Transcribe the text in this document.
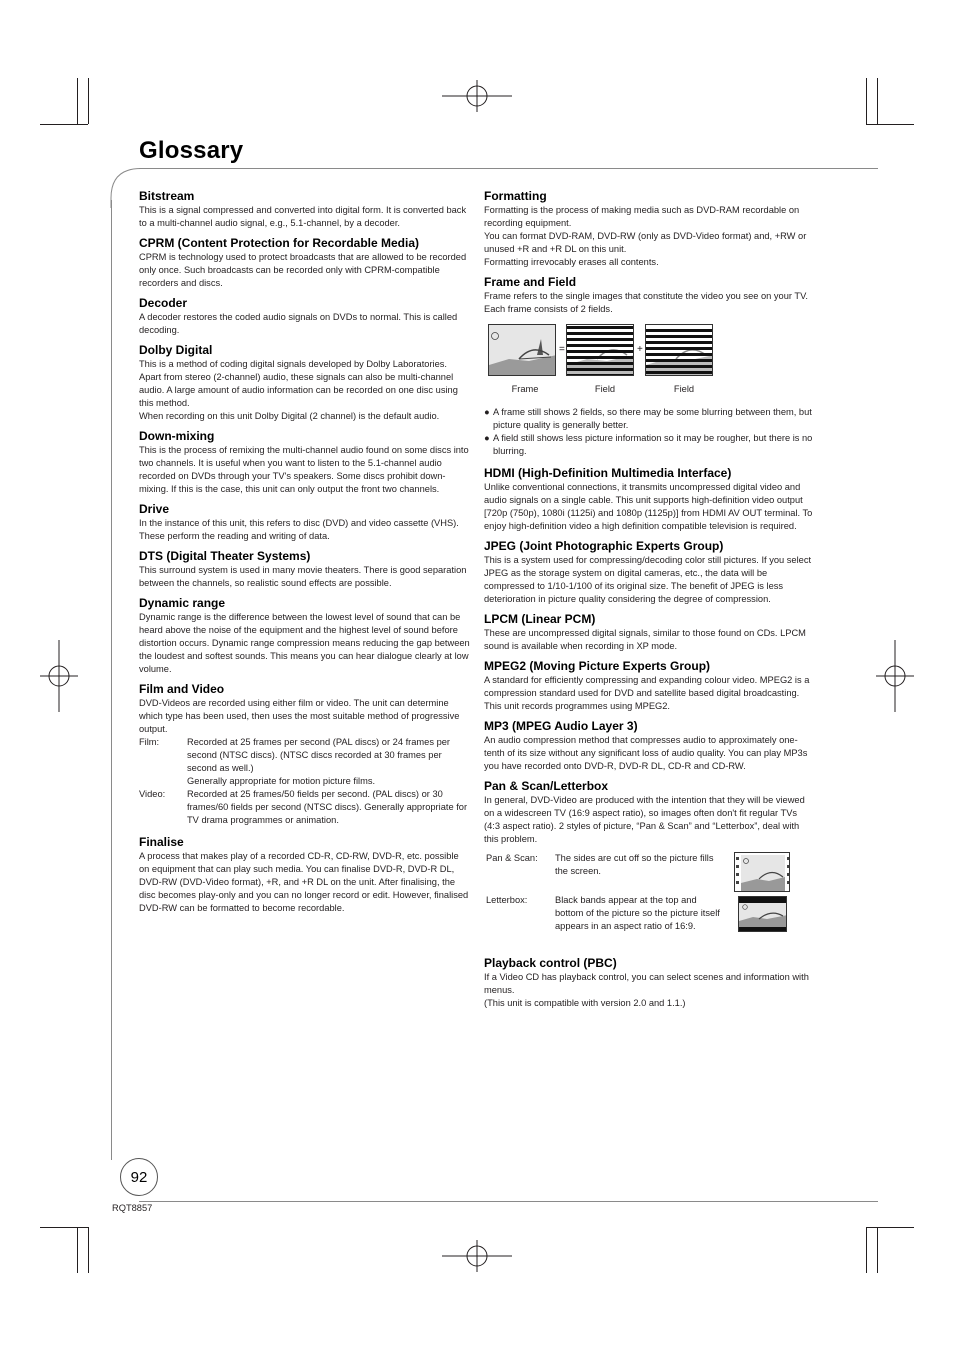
Glossary
Bitstream

This is a signal compressed and converted into digital form. It is converted back to a multi-channel audio signal, e.g., 5.1-channel, by a decoder.

CPRM (Content Protection for Recordable Media)

CPRM is technology used to protect broadcasts that are allowed to be recorded only once. Such broadcasts can be recorded only with CPRM-compatible recorders and discs.

Decoder

A decoder restores the coded audio signals on DVDs to normal. This is called decoding.

Dolby Digital

This is a method of coding digital signals developed by Dolby Laboratories. Apart from stereo (2-channel) audio, these signals can also be multi-channel audio. A large amount of audio information can be recorded on one disc using this method.

When recording on this unit Dolby Digital (2 channel) is the default audio.

Down-mixing

This is the process of remixing the multi-channel audio found on some discs into two channels. It is useful when you want to listen to the 5.1-channel audio recorded on DVDs through your TV's speakers. Some discs prohibit down-mixing. If this is the case, this unit can only output the front two channels.

Drive

In the instance of this unit, this refers to disc (DVD) and video cassette (VHS). These perform the reading and writing of data.

DTS (Digital Theater Systems)

This surround system is used in many movie theaters. There is good separation between the channels, so realistic sound effects are possible.

Dynamic range

Dynamic range is the difference between the lowest level of sound that can be heard above the noise of the equipment and the highest level of sound before distortion occurs. Dynamic range compression means reducing the gap between the loudest and softest sounds. This means you can hear dialogue clearly at low volume.

Film and Video

DVD-Videos are recorded using either film or video. The unit can determine which type has been used, then uses the most suitable method of progressive output.

Film:	Recorded at 25 frames per second (PAL discs) or 24 frames per second (NTSC discs). (NTSC discs recorded at 30 frames per second as well.)
Generally appropriate for motion picture films.
Video:	Recorded at 25 frames/50 fields per second. (PAL discs) or 30 frames/60 fields per second (NTSC discs). Generally appropriate for TV drama programmes or animation.
Finalise

A process that makes play of a recorded CD-R, CD-RW, DVD-R, etc. possible on equipment that can play such media. You can finalise DVD-R, DVD-R DL, DVD-RW (DVD-Video format), +R, and +R DL on the unit. After finalising, the disc becomes play-only and you can no longer record or edit. However, finalised DVD-RW can be formatted to become recordable.

Formatting

Formatting is the process of making media such as DVD-RAM recordable on recording equipment.

You can format DVD-RAM, DVD-RW (only as DVD-Video format) and, +RW or unused +R and +R DL on this unit.

Formatting irrevocably erases all contents.

Frame and Field

Frame refers to the single images that constitute the video you see on your TV. Each frame consists of 2 fields.

=	+
Frame	Field	Field
● A frame still shows 2 fields, so there may be some blurring between them, but picture quality is generally better.
● A field still shows less picture information so it may be rougher, but there is no blurring.
HDMI (High-Definition Multimedia Interface)

Unlike conventional connections, it transmits uncompressed digital video and audio signals on a single cable. This unit supports high-definition video output [720p (750p), 1080i (1125i) and 1080p (1125p)] from HDMI AV OUT terminal. To enjoy high-definition video a high definition compatible television is required.

JPEG (Joint Photographic Experts Group)

This is a system used for compressing/decoding color still pictures. If you select JPEG as the storage system on digital cameras, etc., the data will be compressed to 1/10-1/100 of its original size. The benefit of JPEG is less deterioration in picture quality considering the degree of compression.

LPCM (Linear PCM)

These are uncompressed digital signals, similar to those found on CDs. LPCM sound is available when recording in XP mode.

MPEG2 (Moving Picture Experts Group)

A standard for efficiently compressing and expanding colour video. MPEG2 is a compression standard used for DVD and satellite based digital broadcasting. This unit records programmes using MPEG2.

MP3 (MPEG Audio Layer 3)

An audio compression method that compresses audio to approximately one-tenth of its size without any significant loss of audio quality. You can play MP3s you have recorded onto DVD-R, DVD-R DL, CD-R and CD-RW.

Pan & Scan/Letterbox

In general, DVD-Video are produced with the intention that they will be viewed on a widescreen TV (16:9 aspect ratio), so images often don't fit regular TVs (4:3 aspect ratio). 2 styles of picture, “Pan & Scan” and “Letterbox”, deal with this problem.

Pan & Scan:	The sides are cut off so the picture fills the screen.
Letterbox:	Black bands appear at the top and bottom of the picture so the picture itself appears in an aspect ratio of 16:9.
Playback control (PBC)

If a Video CD has playback control, you can select scenes and information with menus.

(This unit is compatible with version 2.0 and 1.1.)

92
RQT8857
